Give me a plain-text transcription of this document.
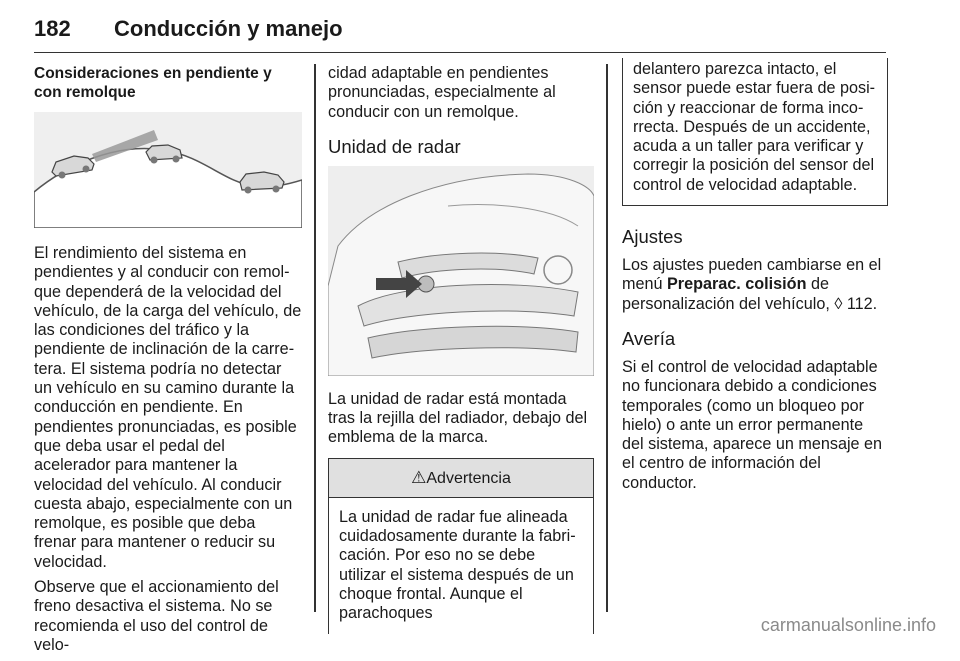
182 Conducción y manejo
Consideraciones en pendiente y con remolque

El rendimiento del sistema en pendientes y al conducir con remolque dependerá de la velocidad del vehículo, de la carga del vehículo, de las condiciones del tráfico y la pendiente de inclinación de la carretera. El sistema podría no detectar un vehículo en su camino durante la conducción en pendiente. En pendientes pronunciadas, es posible que deba usar el pedal del acelerador para mantener la velocidad del vehículo. Al conducir cuesta abajo, especialmente con un remolque, es posible que deba frenar para mantener o reducir su velocidad.

Observe que el accionamiento del freno desactiva el sistema. No se recomienda el uso del control de velo-

cidad adaptable en pendientes pronunciadas, especialmente al conducir con un remolque.

Unidad de radar

La unidad de radar está montada tras la rejilla del radiador, debajo del emblema de la marca.

⚠Advertencia
La unidad de radar fue alineada cuidadosamente durante la fabricación. Por eso no se debe utilizar el sistema después de un choque frontal. Aunque el parachoques
delantero parezca intacto, el sensor puede estar fuera de posición y reaccionar de forma incorrecta. Después de un accidente, acuda a un taller para verificar y corregir la posición del sensor del control de velocidad adaptable.
Ajustes

Los ajustes pueden cambiarse en el menú Preparac. colisión de personalización del vehículo, ◊ 112.

Avería

Si el control de velocidad adaptable no funcionara debido a condiciones temporales (como un bloqueo por hielo) o ante un error permanente del sistema, aparece un mensaje en el centro de información del conductor.

carmanualsonline.info
